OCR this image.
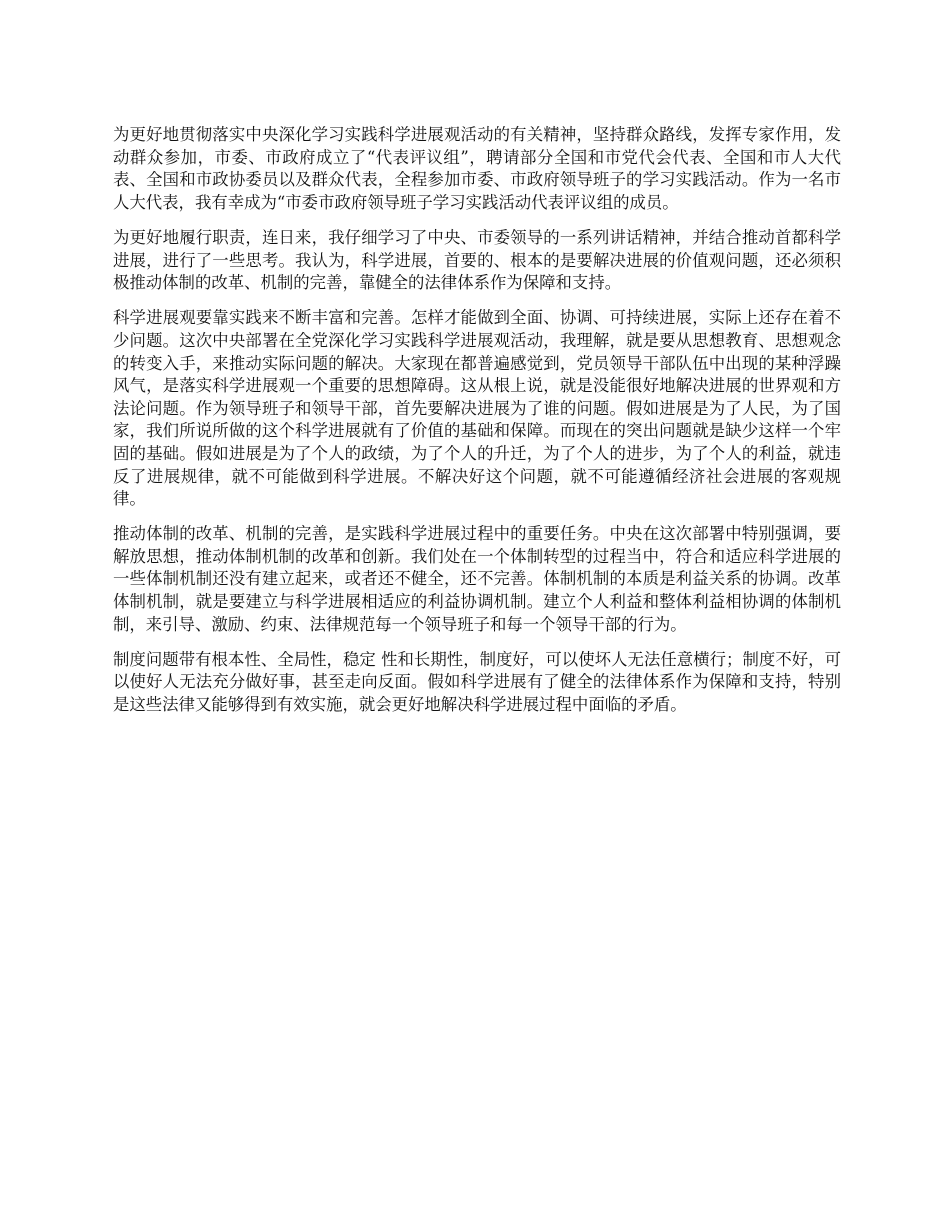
为更好地贯彻落实中央深化学习实践科学进展观活动的有关精神，坚持群众路线，发挥专家作用，发动群众参加，市委、市政府成立了“代表评议组”，聘请部分全国和市党代会代表、全国和市人大代表、全国和市政协委员以及群众代表，全程参加市委、市政府领导班子的学习实践活动。作为一名市人大代表，我有幸成为“市委市政府领导班子学习实践活动代表评议组的成员。

为更好地履行职责，连日来，我仔细学习了中央、市委领导的一系列讲话精神，并结合推动首都科学进展，进行了一些思考。我认为，科学进展，首要的、根本的是要解决进展的价值观问题，还必须积极推动体制的改革、机制的完善，靠健全的法律体系作为保障和支持。

科学进展观要靠实践来不断丰富和完善。怎样才能做到全面、协调、可持续进展，实际上还存在着不少问题。这次中央部署在全党深化学习实践科学进展观活动，我理解，就是要从思想教育、思想观念的转变入手，来推动实际问题的解决。大家现在都普遍感觉到，党员领导干部队伍中出现的某种浮躁风气，是落实科学进展观一个重要的思想障碍。这从根上说，就是没能很好地解决进展的世界观和方法论问题。作为领导班子和领导干部，首先要解决进展为了谁的问题。假如进展是为了人民，为了国家，我们所说所做的这个科学进展就有了价值的基础和保障。而现在的突出问题就是缺少这样一个牢固的基础。假如进展是为了个人的政绩，为了个人的升迁，为了个人的进步，为了个人的利益，就违反了进展规律，就不可能做到科学进展。不解决好这个问题，就不可能遵循经济社会进展的客观规律。

推动体制的改革、机制的完善，是实践科学进展过程中的重要任务。中央在这次部署中特别强调，要解放思想，推动体制机制的改革和创新。我们处在一个体制转型的过程当中，符合和适应科学进展的一些体制机制还没有建立起来，或者还不健全，还不完善。体制机制的本质是利益关系的协调。改革体制机制，就是要建立与科学进展相适应的利益协调机制。建立个人利益和整体利益相协调的体制机制，来引导、激励、约束、法律规范每一个领导班子和每一个领导干部的行为。

制度问题带有根本性、全局性，稳定 性和长期性，制度好，可以使坏人无法任意横行；制度不好，可以使好人无法充分做好事，甚至走向反面。假如科学进展有了健全的法律体系作为保障和支持，特别是这些法律又能够得到有效实施，就会更好地解决科学进展过程中面临的矛盾。
